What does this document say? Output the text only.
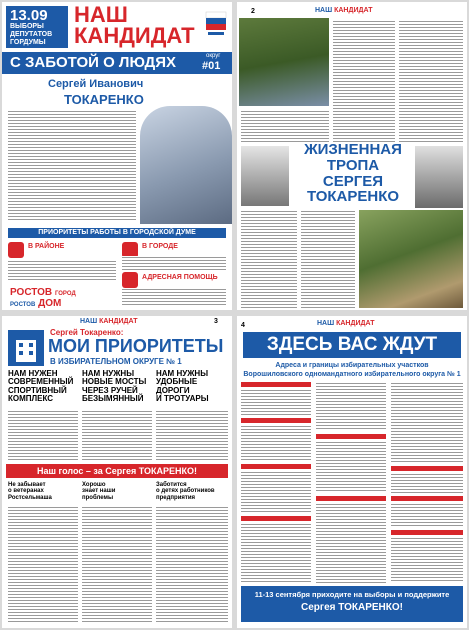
13.09
ВЫБОРЫ
ДЕПУТАТОВ
ГОРДУМЫ
НАШ
КАНДИДАТ
С ЗАБОТОЙ О ЛЮДЯХ	округ
#01
Сергей Иванович
ТОКАРЕНКО
ПРИОРИТЕТЫ РАБОТЫ В ГОРОДСКОЙ ДУМЕ
В РАЙОНЕ	В ГОРОДЕ
АДРЕСНАЯ ПОМОЩЬ
РОСТОВ ГОРОД
РОСТОВ ДОМ
2	НАШ КАНДИДАТ
ЖИЗНЕННАЯ
ТРОПА
СЕРГЕЯ
ТОКАРЕНКО
НАШ КАНДИДАТ	3
Сергей Токаренко:
МОИ ПРИОРИТЕТЫ
В ИЗБИРАТЕЛЬНОМ ОКРУГЕ № 1
НАМ НУЖЕН
СОВРЕМЕННЫЙ
СПОРТИВНЫЙ
КОМПЛЕКС
НАМ НУЖНЫ
НОВЫЕ МОСТЫ
ЧЕРЕЗ РУЧЕЙ
БЕЗЫМЯННЫЙ
НАМ НУЖНЫ
УДОБНЫЕ
ДОРОГИ
И ТРОТУАРЫ
Наш голос – за Сергея ТОКАРЕНКО!
Не забывает
о ветеранах
Ростсельмаша
Хорошо
знает наши
проблемы
Заботится
о детях работников
предприятия
4	НАШ КАНДИДАТ
ЗДЕСЬ ВАС ЖДУТ
Адреса и границы избирательных участков
Ворошиловского одномандатного избирательного округа № 1
11-13 сентября приходите на выборы и поддержите
Сергея ТОКАРЕНКО!
